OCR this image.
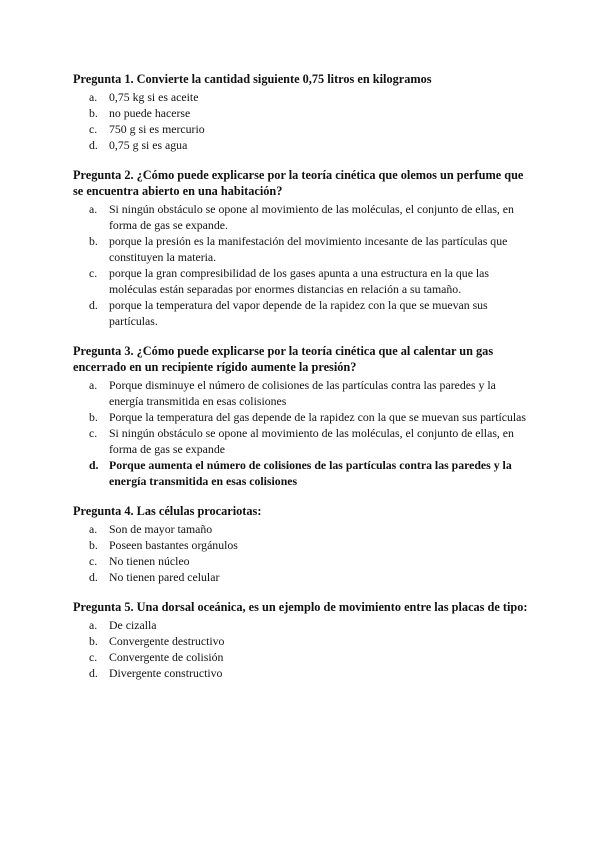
Pregunta 1. Convierte la cantidad siguiente 0,75 litros en kilogramos
a. 0,75 kg si es aceite
b. no puede hacerse
c. 750 g si es mercurio
d. 0,75 g si es agua
Pregunta 2. ¿Cómo puede explicarse por la teoría cinética que olemos un perfume que se encuentra abierto en una habitación?
a. Si ningún obstáculo se opone al movimiento de las moléculas, el conjunto de ellas, en forma de gas se expande.
b. porque la presión es la manifestación del movimiento incesante de las partículas que constituyen la materia.
c. porque la gran compresibilidad de los gases apunta a una estructura en la que las moléculas están separadas por enormes distancias en relación a su tamaño.
d. porque la temperatura del vapor depende de la rapidez con la que se muevan sus partículas.
Pregunta 3. ¿Cómo puede explicarse por la teoría cinética que al calentar un gas encerrado en un recipiente rígido aumente la presión?
a. Porque disminuye el número de colisiones de las partículas contra las paredes y la energía transmitida en esas colisiones
b. Porque la temperatura del gas depende de la rapidez con la que se muevan sus partículas
c. Si ningún obstáculo se opone al movimiento de las moléculas, el conjunto de ellas, en forma de gas se expande
d. Porque aumenta el número de colisiones de las partículas contra las paredes y la energía transmitida en esas colisiones
Pregunta 4. Las células procariotas:
a. Son de mayor tamaño
b. Poseen bastantes orgánulos
c. No tienen núcleo
d. No tienen pared celular
Pregunta 5. Una dorsal oceánica, es un ejemplo de movimiento entre las placas de tipo:
a. De cizalla
b. Convergente destructivo
c. Convergente de colisión
d. Divergente constructivo
